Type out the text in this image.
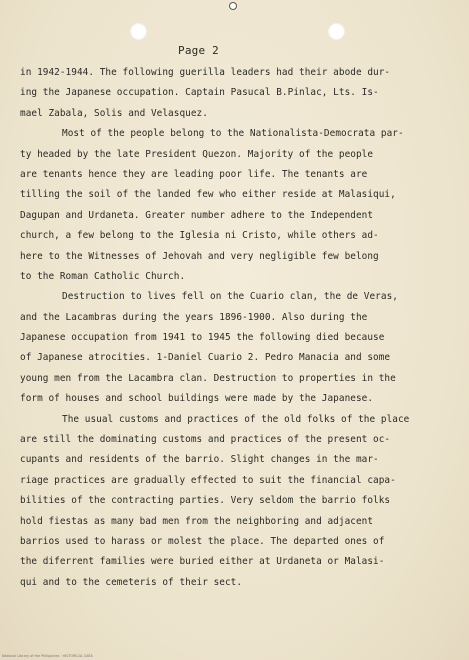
Page 2
in 1942-1944. The following guerilla leaders had their abode dur-
ing the Japanese occupation. Captain Pasucal B.Pinlac, Lts. Is-
mael Zabala, Solis and Velasquez.
Most of the people belong to the Nationalista-Democrata par-
ty headed by the late President Quezon. Majority of the people
are tenants hence they are leading poor life. The tenants are
tilling the soil of the landed few who either reside at Malasiqui,
Dagupan and Urdaneta. Greater number adhere to the Independent
church, a few belong to the Iglesia ni Cristo, while others ad-
here to the Witnesses of Jehovah and very negligible few belong
to the Roman Catholic Church.
Destruction to lives fell on the Cuario clan, the de Veras,
and the Lacambras during the years 1896-1900. Also during the
Japanese occupation from 1941 to 1945 the following died because
of Japanese atrocities. 1-Daniel Cuario 2. Pedro Manacia and some
young men from the Lacambra clan. Destruction to properties in the
form of houses and school buildings were made by the Japanese.
The usual customs and practices of the old folks of the place
are still the dominating customs and practices of the present oc-
cupants and residents of the barrio. Slight changes in the mar-
riage practices are gradually effected to suit the financial capa-
bilities of the contracting parties. Very seldom the barrio folks
hold fiestas as many bad men from the neighboring and adjacent
barrios used to harass or molest the place. The departed ones of
the diferrent families were buried either at Urdaneta or Malasi-
qui and to the cemeteris of their sect.
National Library of the Philippines · HISTORICAL DATA
